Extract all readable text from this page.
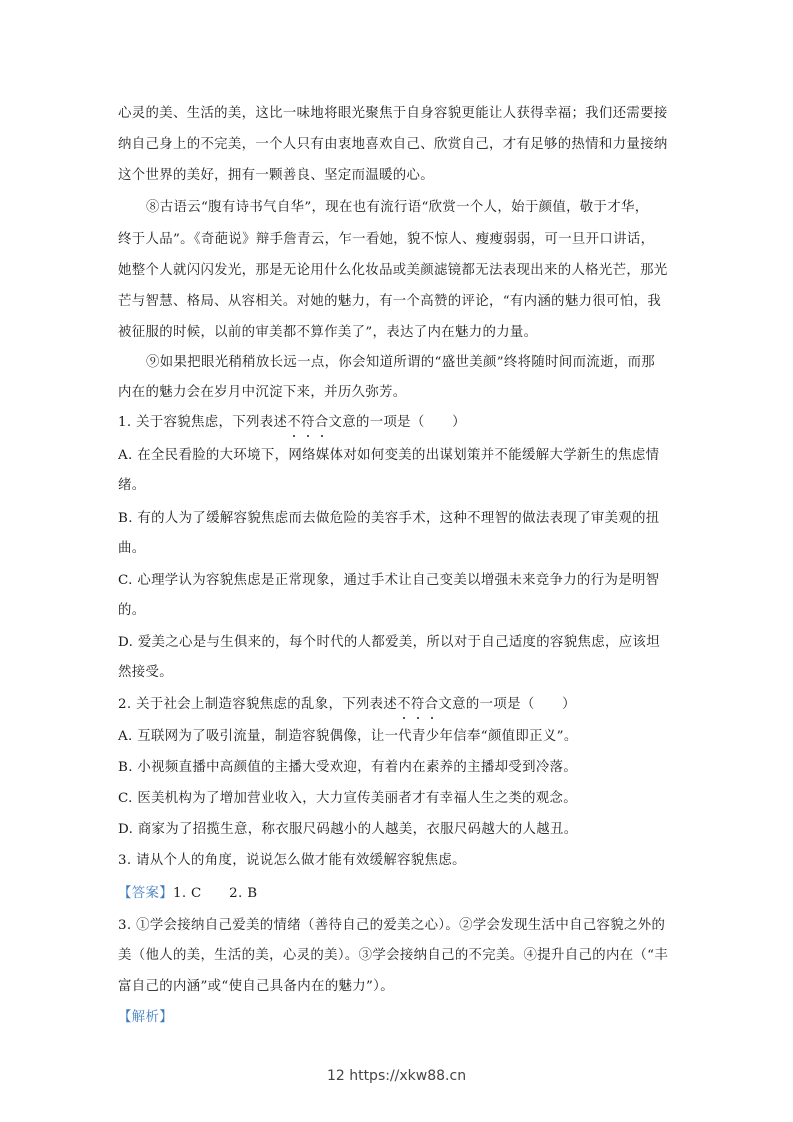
心灵的美、生活的美，这比一味地将眼光聚焦于自身容貌更能让人获得幸福；我们还需要接
纳自己身上的不完美，一个人只有由衷地喜欢自己、欣赏自己，才有足够的热情和力量接纳
这个世界的美好，拥有一颗善良、坚定而温暖的心。
⑧古语云“腹有诗书气自华”，现在也有流行语“欣赏一个人，始于颜值，敬于才华，
终于人品”。《奇葩说》辩手詹青云，乍一看她，貌不惊人、瘦瘦弱弱，可一旦开口讲话，
她整个人就闪闪发光，那是无论用什么化妆品或美颜滤镜都无法表现出来的人格光芒，那光
芒与智慧、格局、从容相关。对她的魅力，有一个高赞的评论，“有内涵的魅力很可怕，我
被征服的时候，以前的审美都不算作美了”，表达了内在魅力的力量。
⑨如果把眼光稍稍放长远一点，你会知道所谓的“盛世美颜”终将随时间而流逝，而那
内在的魅力会在岁月中沉淀下来，并历久弥芳。
1. 关于容貌焦虑，下列表述不符合文意的一项是（　　）
A. 在全民看脸的大环境下，网络媒体对如何变美的出谋划策并不能缓解大学新生的焦虑情
绪。
B. 有的人为了缓解容貌焦虑而去做危险的美容手术，这种不理智的做法表现了审美观的扭
曲。
C. 心理学认为容貌焦虑是正常现象，通过手术让自己变美以增强未来竞争力的行为是明智
的。
D. 爱美之心是与生俱来的，每个时代的人都爱美，所以对于自己适度的容貌焦虑，应该坦
然接受。
2. 关于社会上制造容貌焦虑的乱象，下列表述不符合文意的一项是（　　）
A. 互联网为了吸引流量，制造容貌偶像，让一代青少年信奉“颜值即正义”。
B. 小视频直播中高颜值的主播大受欢迎，有着内在素养的主播却受到冷落。
C. 医美机构为了增加营业收入，大力宣传美丽者才有幸福人生之类的观念。
D. 商家为了招揽生意，称衣服尺码越小的人越美，衣服尺码越大的人越丑。
3. 请从个人的角度，说说怎么做才能有效缓解容貌焦虑。
【答案】1. C　　2. B
3. ①学会接纳自己爱美的情绪（善待自己的爱美之心）。②学会发现生活中自己容貌之外的
美（他人的美，生活的美，心灵的美）。③学会接纳自己的不完美。④提升自己的内在（“丰
富自己的内涵”或“使自己具备内在的魅力”）。
【解析】
12 https://xkw88.cn
